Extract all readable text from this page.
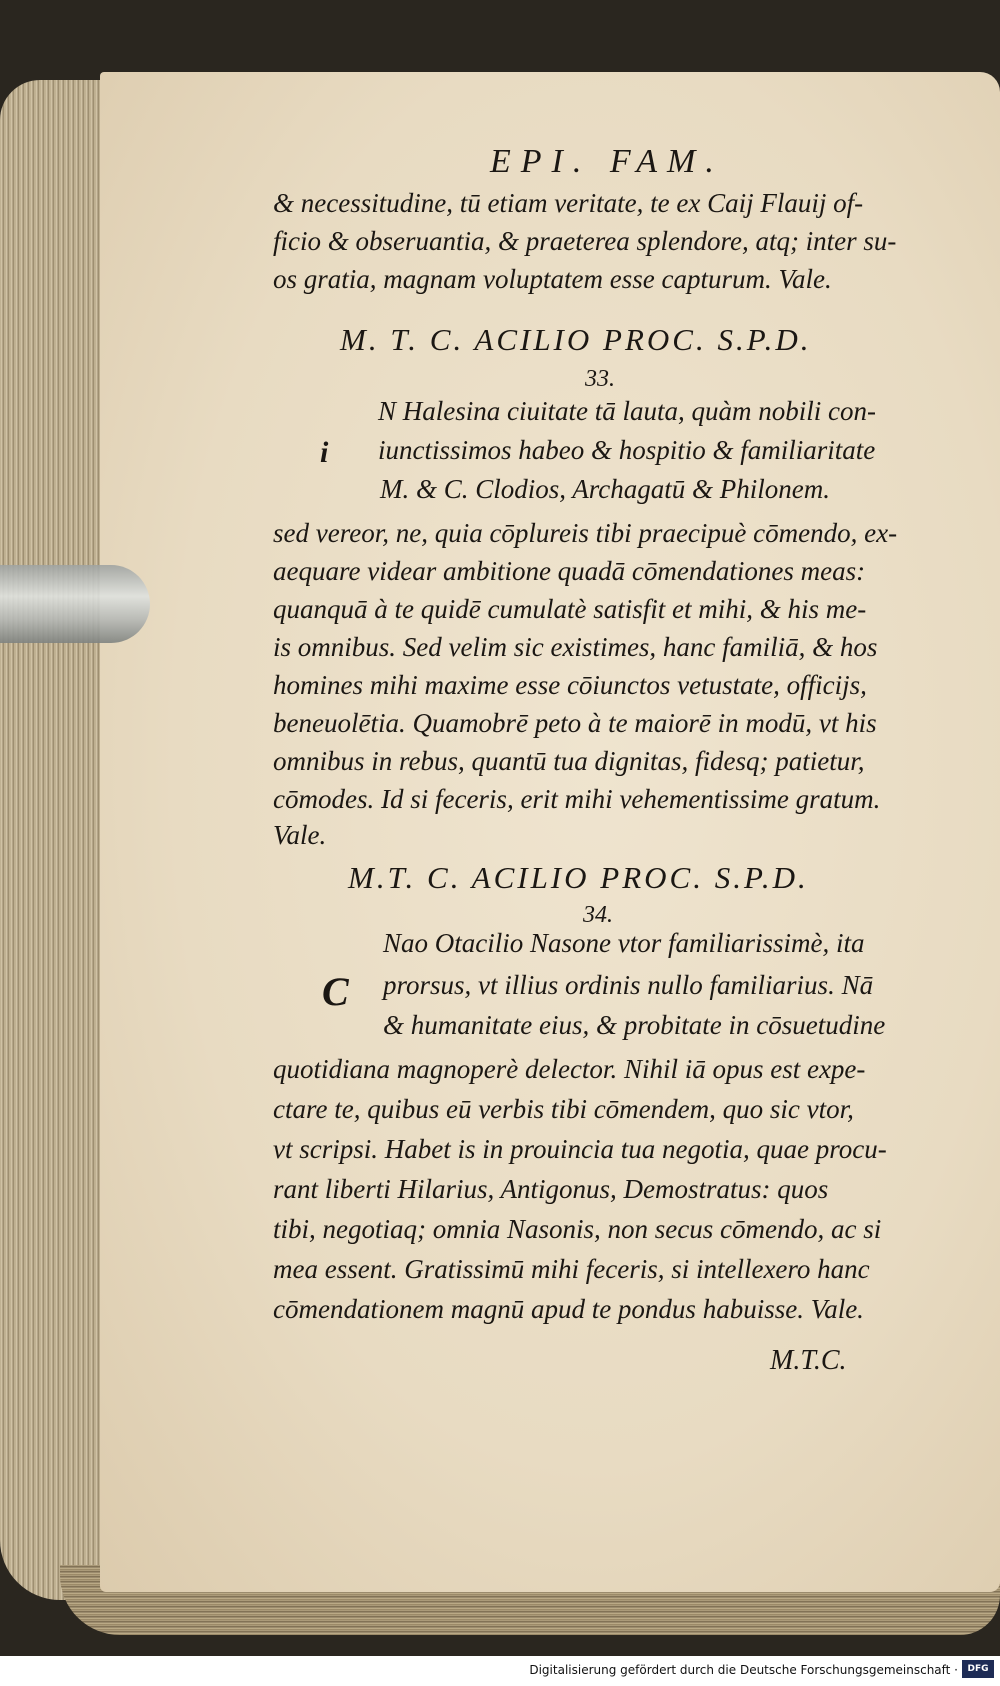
EPI. FAM.
& necessitudine, tū etiam veritate, te ex Caij Flauij of-
ficio & obseruantia, & praeterea splendore, atq; inter su-
os gratia, magnam voluptatem esse capturum. Vale.
M. T. C. ACILIO PROC. S.P.D.
33.
i
N Halesina ciuitate tā lauta, quàm nobili con-
iunctissimos habeo & hospitio & familiaritate
M. & C. Clodios, Archagatū & Philonem.
sed vereor, ne, quia cōplureis tibi praecipuè cōmendo, ex-
aequare videar ambitione quadā cōmendationes meas:
quanquā à te quidē cumulatè satisfit et mihi, & his me-
is omnibus. Sed velim sic existimes, hanc familiā, & hos
homines mihi maxime esse cōiunctos vetustate, officijs,
beneuolētia. Quamobrē peto à te maiorē in modū, vt his
omnibus in rebus, quantū tua dignitas, fidesq; patietur,
cōmodes. Id si feceris, erit mihi vehementissime gratum.
Vale.
M.T. C. ACILIO PROC. S.P.D.
34.
C
Nao Otacilio Nasone vtor familiarissimè, ita
prorsus, vt illius ordinis nullo familiarius. Nā
& humanitate eius, & probitate in cōsuetudine
quotidiana magnoperè delector. Nihil iā opus est expe-
ctare te, quibus eū verbis tibi cōmendem, quo sic vtor,
vt scripsi. Habet is in prouincia tua negotia, quae procu-
rant liberti Hilarius, Antigonus, Demostratus: quos
tibi, negotiaq; omnia Nasonis, non secus cōmendo, ac si
mea essent. Gratissimū mihi feceris, si intellexero hanc
cōmendationem magnū apud te pondus habuisse. Vale.
M.T.C.
Digitalisierung gefördert durch die Deutsche Forschungsgemeinschaft ·	DFG
